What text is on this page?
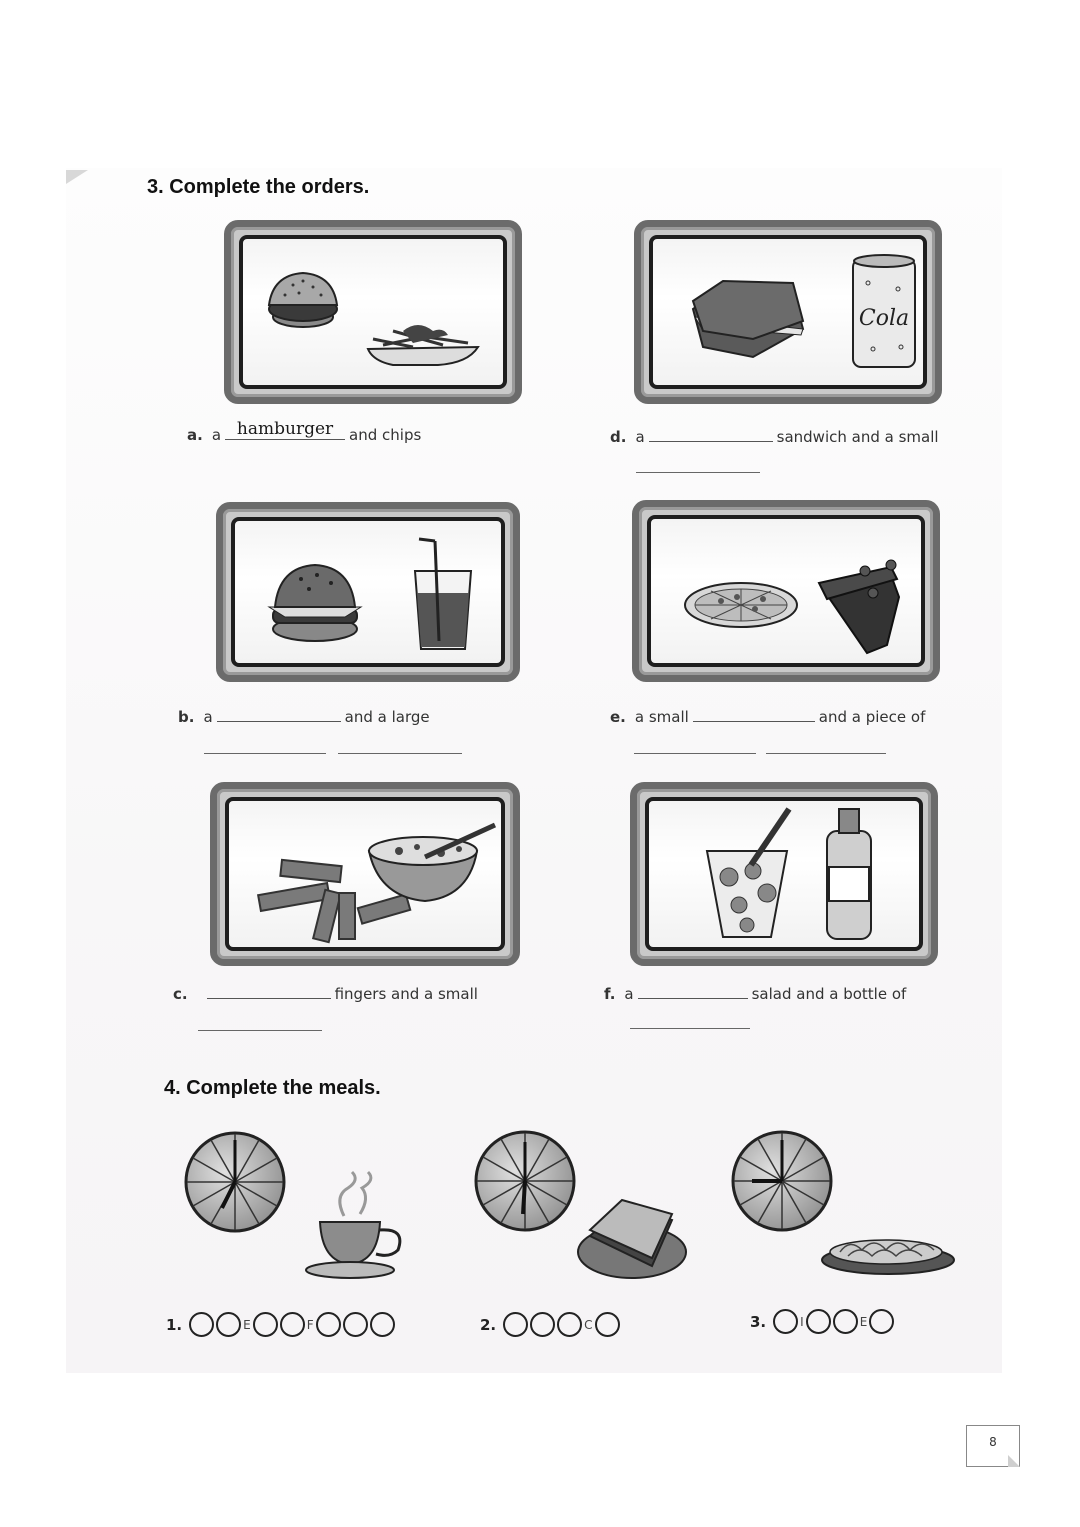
3. Complete the orders.
a. a hamburger	and chips
Cola
d. a	sandwich and a small
b. a	and a large	e. a small	and a piece of
c.	fingers and a small	f. a	salad and a bottle of
4. Complete the meals.
1.	E	F	2.	C	3.	I	E
8
